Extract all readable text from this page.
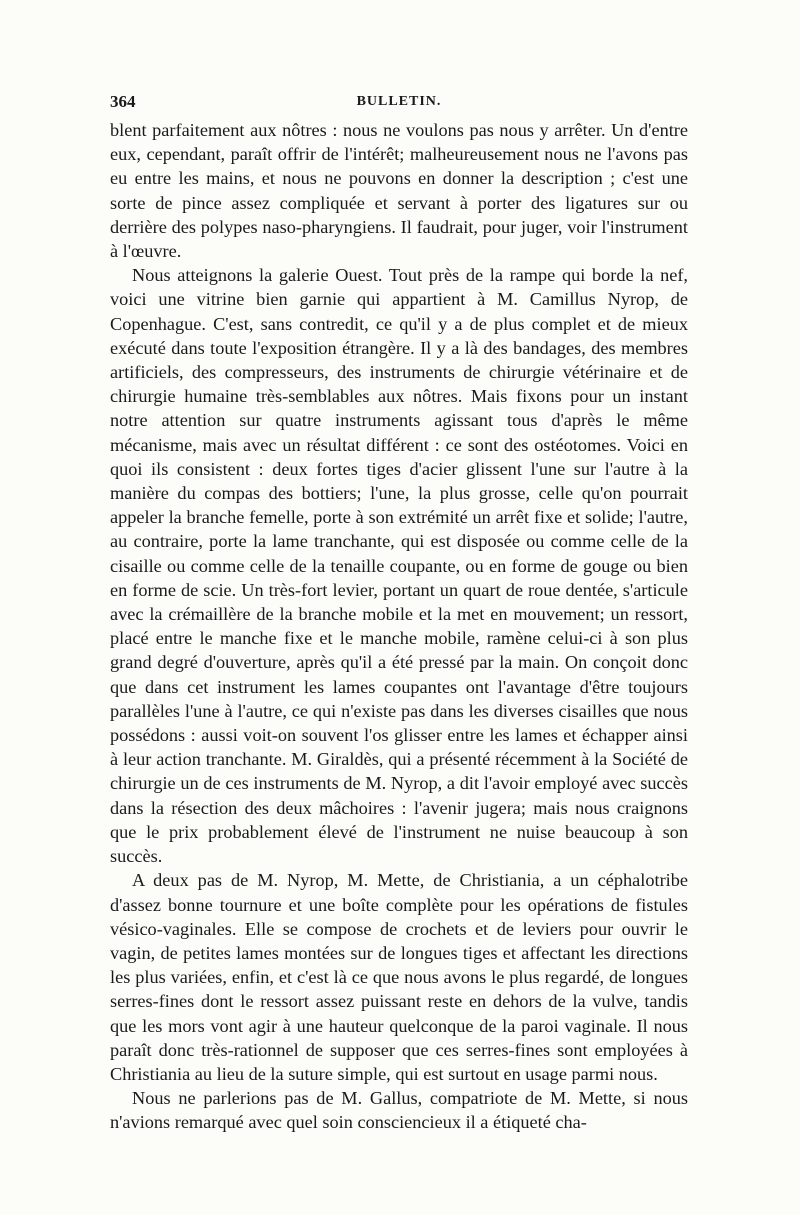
364	BULLETIN.

blent parfaitement aux nôtres : nous ne voulons pas nous y arrêter. Un d'entre eux, cependant, paraît offrir de l'intérêt; malheureusement nous ne l'avons pas eu entre les mains, et nous ne pouvons en donner la description ; c'est une sorte de pince assez compliquée et servant à porter des ligatures sur ou derrière des polypes naso-pharyngiens. Il faudrait, pour juger, voir l'instrument à l'œuvre.

Nous atteignons la galerie Ouest. Tout près de la rampe qui borde la nef, voici une vitrine bien garnie qui appartient à M. Camillus Nyrop, de Copenhague. C'est, sans contredit, ce qu'il y a de plus complet et de mieux exécuté dans toute l'exposition étrangère. Il y a là des bandages, des membres artificiels, des compresseurs, des instruments de chirurgie vétérinaire et de chirurgie humaine très-semblables aux nôtres. Mais fixons pour un instant notre attention sur quatre instruments agissant tous d'après le même mécanisme, mais avec un résultat différent : ce sont des ostéotomes. Voici en quoi ils consistent : deux fortes tiges d'acier glissent l'une sur l'autre à la manière du compas des bottiers; l'une, la plus grosse, celle qu'on pourrait appeler la branche femelle, porte à son extrémité un arrêt fixe et solide; l'autre, au contraire, porte la lame tranchante, qui est disposée ou comme celle de la cisaille ou comme celle de la tenaille coupante, ou en forme de gouge ou bien en forme de scie. Un très-fort levier, portant un quart de roue dentée, s'articule avec la crémaillère de la branche mobile et la met en mouvement; un ressort, placé entre le manche fixe et le manche mobile, ramène celui-ci à son plus grand degré d'ouverture, après qu'il a été pressé par la main. On conçoit donc que dans cet instrument les lames coupantes ont l'avantage d'être toujours parallèles l'une à l'autre, ce qui n'existe pas dans les diverses cisailles que nous possédons : aussi voit-on souvent l'os glisser entre les lames et échapper ainsi à leur action tranchante. M. Giraldès, qui a présenté récemment à la Société de chirurgie un de ces instruments de M. Nyrop, a dit l'avoir employé avec succès dans la résection des deux mâchoires : l'avenir jugera; mais nous craignons que le prix probablement élevé de l'instrument ne nuise beaucoup à son succès.

A deux pas de M. Nyrop, M. Mette, de Christiania, a un céphalotribe d'assez bonne tournure et une boîte complète pour les opérations de fistules vésico-vaginales. Elle se compose de crochets et de leviers pour ouvrir le vagin, de petites lames montées sur de longues tiges et affectant les directions les plus variées, enfin, et c'est là ce que nous avons le plus regardé, de longues serres-fines dont le ressort assez puissant reste en dehors de la vulve, tandis que les mors vont agir à une hauteur quelconque de la paroi vaginale. Il nous paraît donc très-rationnel de supposer que ces serres-fines sont employées à Christiania au lieu de la suture simple, qui est surtout en usage parmi nous.

Nous ne parlerions pas de M. Gallus, compatriote de M. Mette, si nous n'avions remarqué avec quel soin consciencieux il a étiqueté cha-
